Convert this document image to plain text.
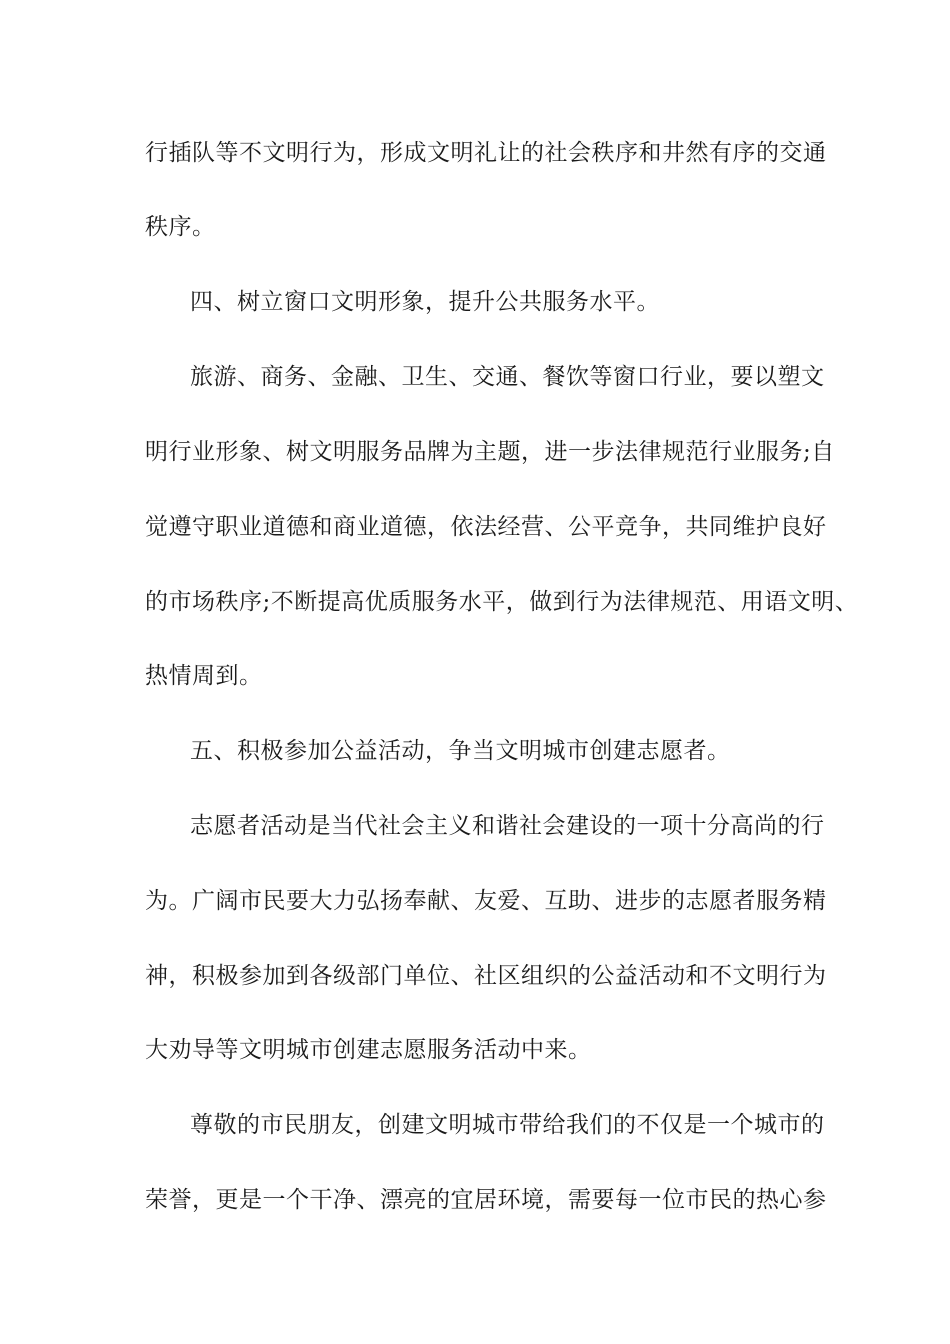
行插队等不文明行为，形成文明礼让的社会秩序和井然有序的交通
秩序。
四、树立窗口文明形象，提升公共服务水平。
旅游、商务、金融、卫生、交通、餐饮等窗口行业，要以塑文
明行业形象、树文明服务品牌为主题，进一步法律规范行业服务;自
觉遵守职业道德和商业道德，依法经营、公平竞争，共同维护良好
的市场秩序;不断提高优质服务水平，做到行为法律规范、用语文明、
热情周到。
五、积极参加公益活动，争当文明城市创建志愿者。
志愿者活动是当代社会主义和谐社会建设的一项十分高尚的行
为。广阔市民要大力弘扬奉献、友爱、互助、进步的志愿者服务精
神，积极参加到各级部门单位、社区组织的公益活动和不文明行为
大劝导等文明城市创建志愿服务活动中来。
尊敬的市民朋友，创建文明城市带给我们的不仅是一个城市的
荣誉，更是一个干净、漂亮的宜居环境，需要每一位市民的热心参
